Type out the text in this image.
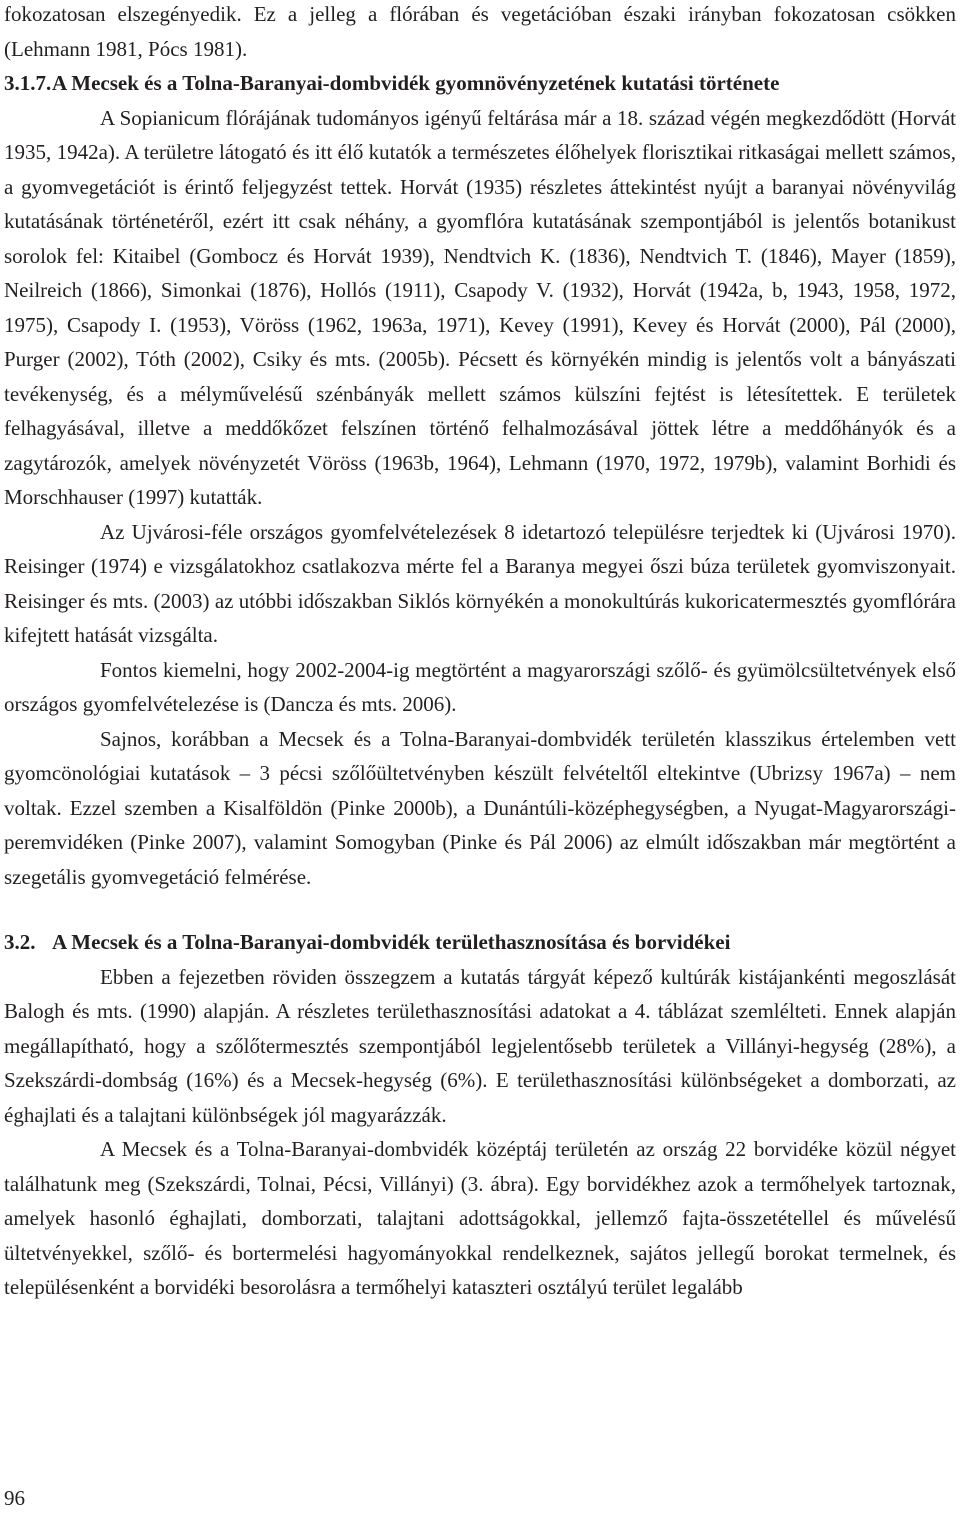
fokozatosan elszegényedik. Ez a jelleg a flórában és vegetációban északi irányban fokozatosan csökken (Lehmann 1981, Pócs 1981).

3.1.7. A Mecsek és a Tolna-Baranyai-dombvidék gyomnövényzetének kutatási története

A Sopianicum flórájának tudományos igényű feltárása már a 18. század végén megkezdődött (Horvát 1935, 1942a). A területre látogató és itt élő kutatók a természetes élőhelyek florisztikai ritkaságai mellett számos, a gyomvegetációt is érintő feljegyzést tettek. Horvát (1935) részletes áttekintést nyújt a baranyai növényvilág kutatásának történetéről, ezért itt csak néhány, a gyomflóra kutatásának szempontjából is jelentős botanikust sorolok fel: Kitaibel (Gombocz és Horvát 1939), Nendtvich K. (1836), Nendtvich T. (1846), Mayer (1859), Neilreich (1866), Simonkai (1876), Hollós (1911), Csapody V. (1932), Horvát (1942a, b, 1943, 1958, 1972, 1975), Csapody I. (1953), Vöröss (1962, 1963a, 1971), Kevey (1991), Kevey és Horvát (2000), Pál (2000), Purger (2002), Tóth (2002), Csiky és mts. (2005b). Pécsett és környékén mindig is jelentős volt a bányászati tevékenység, és a mélyművelésű szénbányák mellett számos külszíni fejtést is létesítettek. E területek felhagyásával, illetve a meddőkőzet felszínen történő felhalmozásával jöttek létre a meddőhányók és a zagytározók, amelyek növényzetét Vöröss (1963b, 1964), Lehmann (1970, 1972, 1979b), valamint Borhidi és Morschhauser (1997) kutatták.

Az Ujvárosi-féle országos gyomfelvételezések 8 idetartozó településre terjedtek ki (Ujvárosi 1970). Reisinger (1974) e vizsgálatokhoz csatlakozva mérte fel a Baranya megyei őszi búza területek gyomviszonyait. Reisinger és mts. (2003) az utóbbi időszakban Siklós környékén a monokultúrás kukoricatermesztés gyomflórára kifejtett hatását vizsgálta.

Fontos kiemelni, hogy 2002-2004-ig megtörtént a magyarországi szőlő- és gyümölcsültetvények első országos gyomfelvételezése is (Dancza és mts. 2006).

Sajnos, korábban a Mecsek és a Tolna-Baranyai-dombvidék területén klasszikus értelemben vett gyomcönológiai kutatások – 3 pécsi szőlőültetvényben készült felvételtől eltekintve (Ubrizsy 1967a) – nem voltak. Ezzel szemben a Kisalföldön (Pinke 2000b), a Dunántúli-középhegységben, a Nyugat-Magyarországi-peremvidéken (Pinke 2007), valamint Somogyban (Pinke és Pál 2006) az elmúlt időszakban már megtörtént a szegetális gyomvegetáció felmérése.

3.2. A Mecsek és a Tolna-Baranyai-dombvidék területhasznosítása és borvidékei

Ebben a fejezetben röviden összegzem a kutatás tárgyát képező kultúrák kistájankénti megoszlását Balogh és mts. (1990) alapján. A részletes területhasznosítási adatokat a 4. táblázat szemlélteti. Ennek alapján megállapítható, hogy a szőlőtermesztés szempontjából legjelentősebb területek a Villányi-hegység (28%), a Szekszárdi-dombság (16%) és a Mecsek-hegység (6%). E területhasznosítási különbségeket a domborzati, az éghajlati és a talajtani különbségek jól magyarázzák.

A Mecsek és a Tolna-Baranyai-dombvidék középtáj területén az ország 22 borvidéke közül négyet találhatunk meg (Szekszárdi, Tolnai, Pécsi, Villányi) (3. ábra). Egy borvidékhez azok a termőhelyek tartoznak, amelyek hasonló éghajlati, domborzati, talajtani adottságokkal, jellemző fajta-összetétellel és művelésű ültetvényekkel, szőlő- és bortermelési hagyományokkal rendelkeznek, sajátos jellegű borokat termelnek, és településenként a borvidéki besorolásra a termőhelyi kataszteri osztályú terület legalább

96
